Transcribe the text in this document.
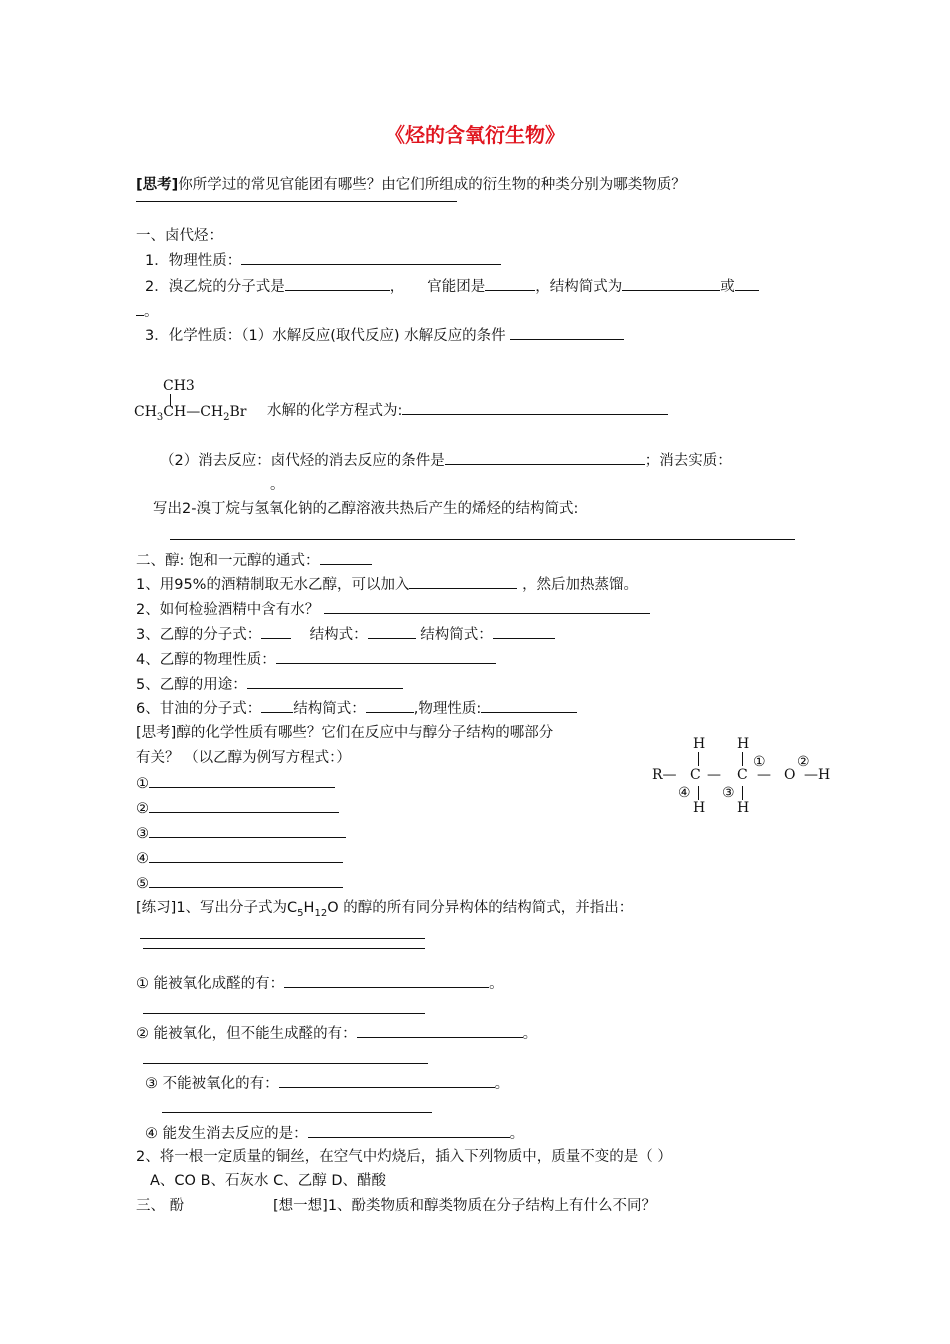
《烃的含氧衍生物》
[思考]你所学过的常见官能团有哪些？由它们所组成的衍生物的种类分别为哪类物质？
一、卤代烃：
1．物理性质：
2．溴乙烷的分子式是	， 官能团是	，结构简式为	或
。
3．化学性质：（1）水解反应(取代反应) 水解反应的条件
CH3
$CH_3CH—CH_2Br$ 水解的化学方程式为:
（2）消去反应：卤代烃的消去反应的条件是	；消去实质：
。
写出2-溴丁烷与氢氧化钠的乙醇溶液共热后产生的烯烃的结构简式:
二、醇: 饱和一元醇的通式：
1、用95%的酒精制取无水乙醇，可以加入	，然后加热蒸馏。
2、如何检验酒精中含有水？
3、乙醇的分子式：	结构式：	结构简式：
4、乙醇的物理性质：
5、乙醇的用途：
6、甘油的分子式： 结构简式：	,物理性质:
[思考]醇的化学性质有哪些？它们在反应中与醇分子结构的哪部分
有关？ （以乙醇为例写方程式：）
①
②
③
④
⑤
R— C — C — O — H
H H
H H
① ②
③
④
[练习]1、写出分子式为$C_5H_{12}O$ 的醇的所有同分异构体的结构简式，并指出：
① 能被氧化成醛的有：	。
② 能被氧化，但不能生成醛的有：	。
③ 不能被氧化的有：	。
④ 能发生消去反应的是：	。
2、将一根一定质量的铜丝，在空气中灼烧后，插入下列物质中，质量不变的是（ ）
A、CO B、石灰水 C、乙醇 D、醋酸
三、 酚	[想一想]1、酚类物质和醇类物质在分子结构上有什么不同？
